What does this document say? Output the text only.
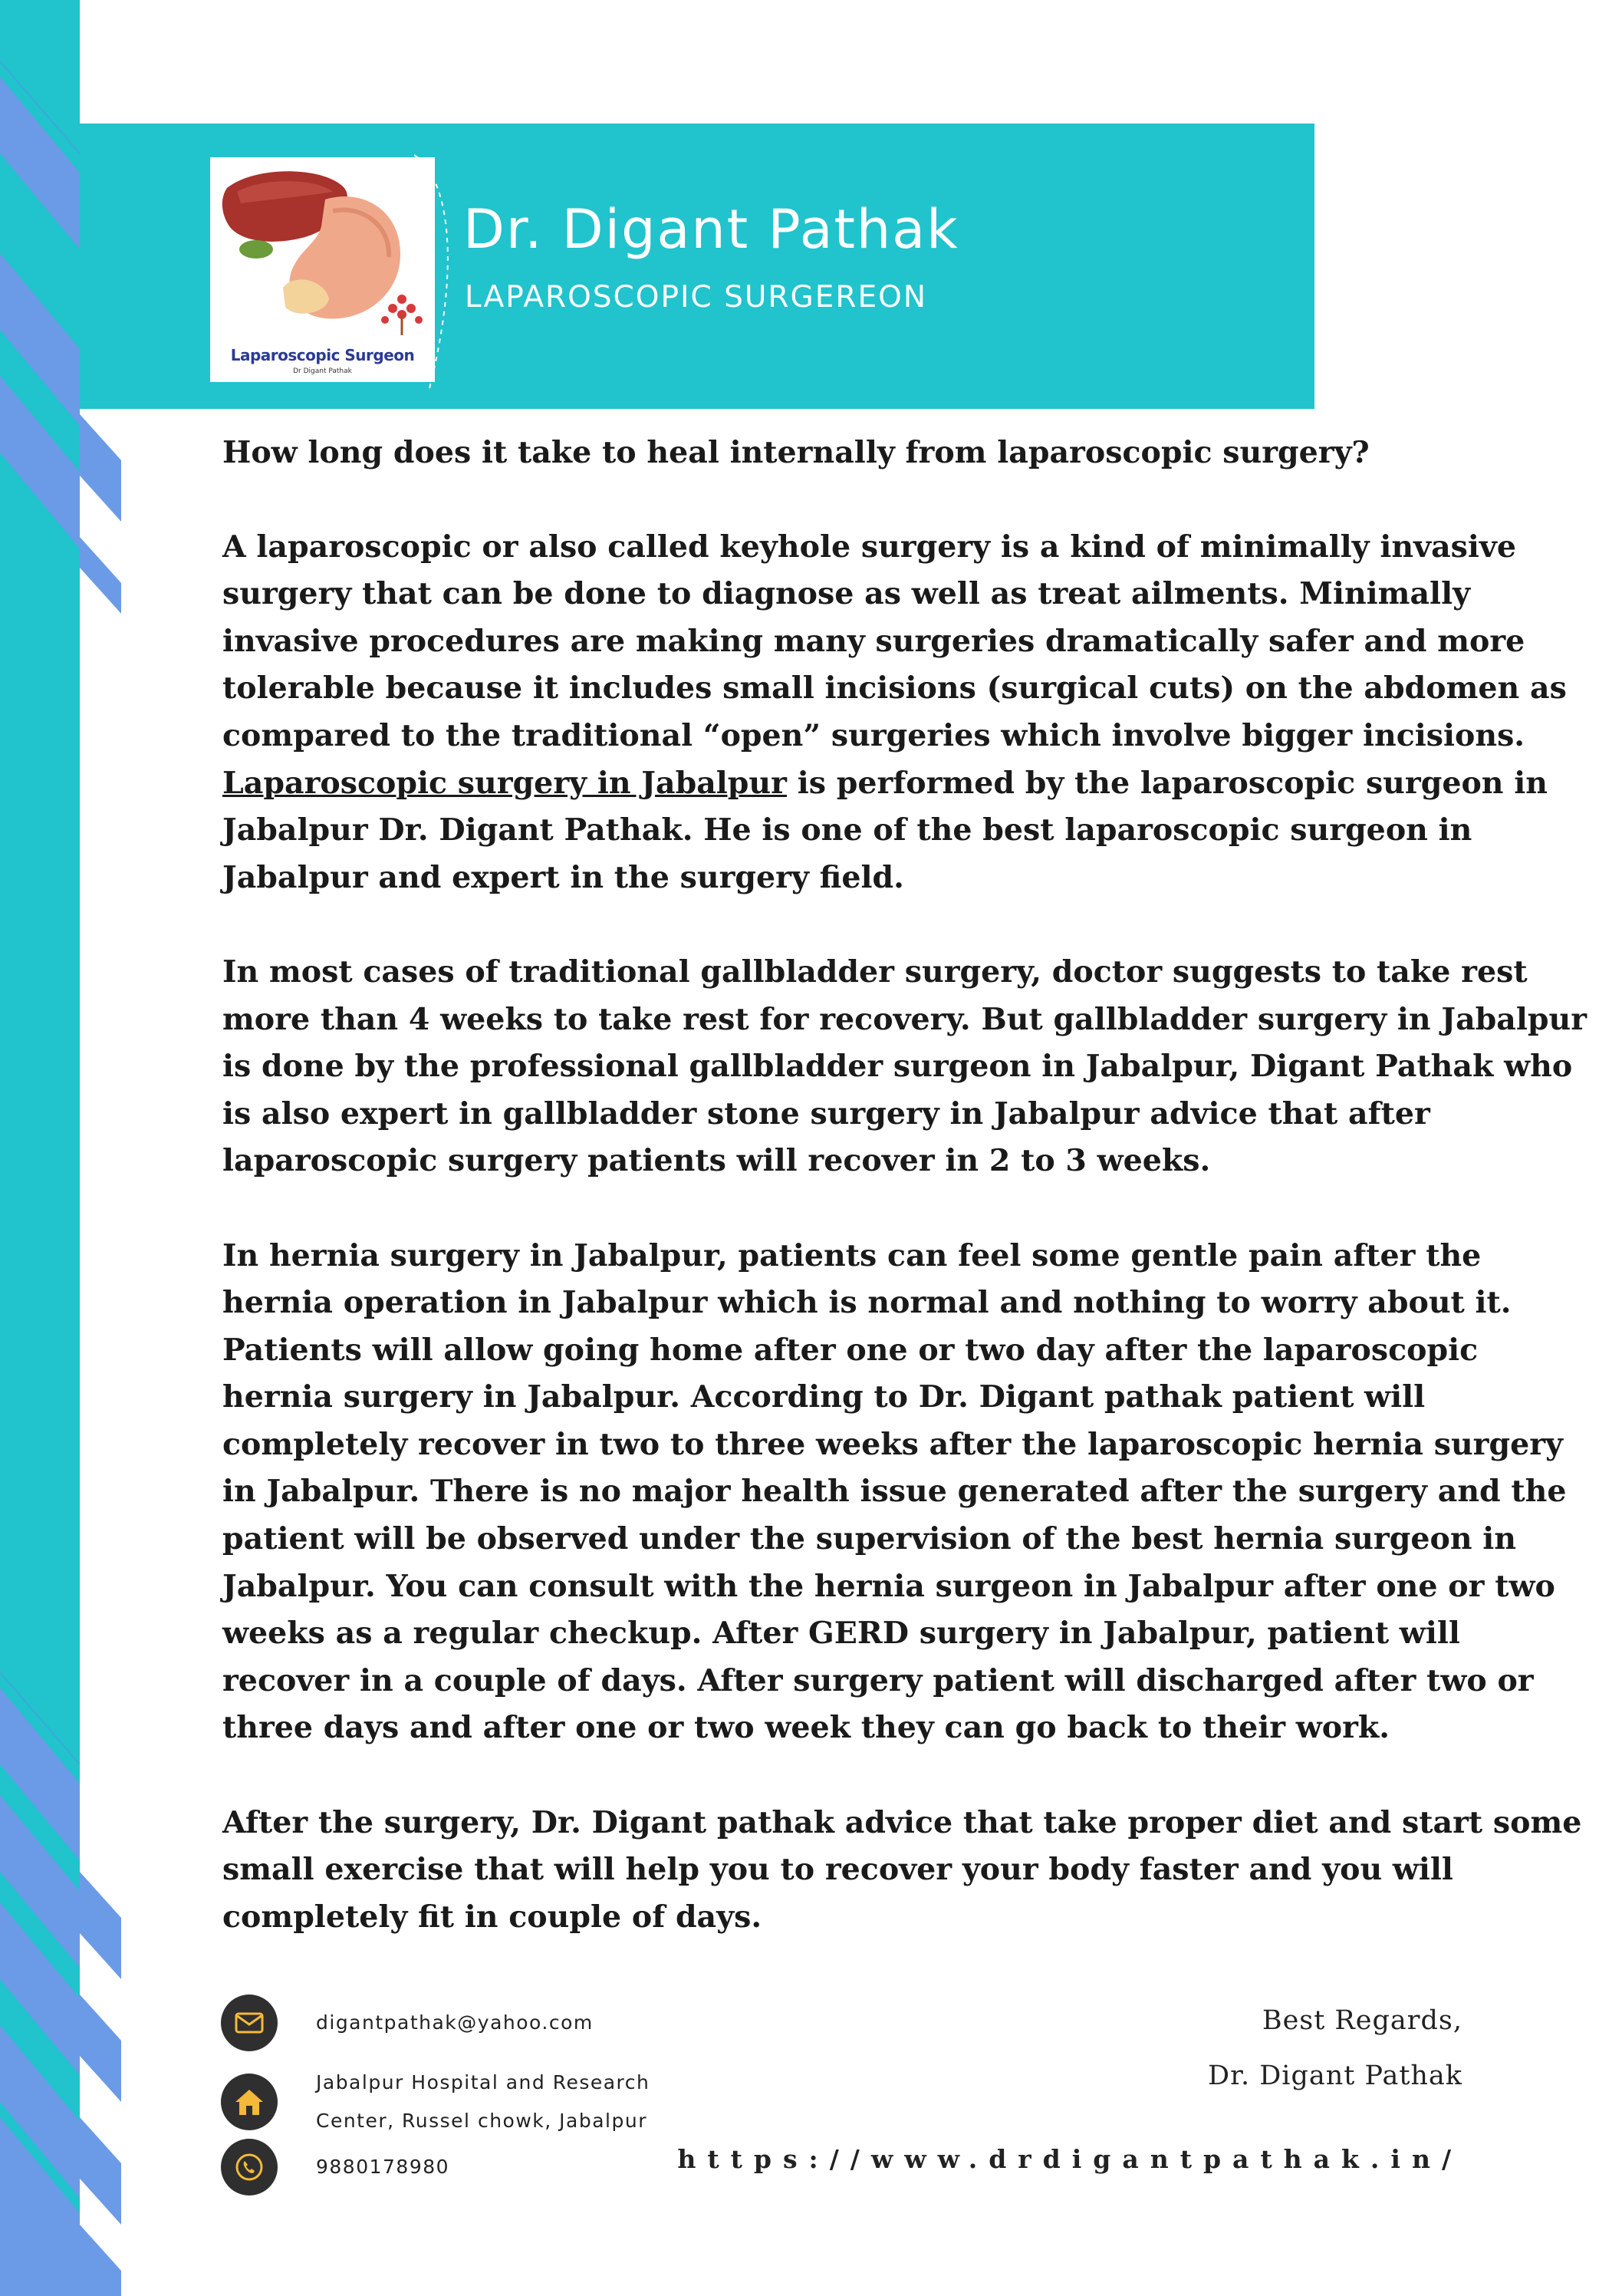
Laparoscopic Surgeon
Dr Digant Pathak
Dr. Digant Pathak
LAPAROSCOPIC SURGEREON
How long does it take to heal internally from laparoscopic surgery?

A laparoscopic or also called keyhole surgery is a kind of minimally invasive surgery that can be done to diagnose as well as treat ailments. Minimally invasive procedures are making many surgeries dramatically safer and more tolerable because it includes small incisions (surgical cuts) on the abdomen as compared to the traditional “open” surgeries which involve bigger incisions. Laparoscopic surgery in Jabalpur is performed by the laparoscopic surgeon in Jabalpur Dr. Digant Pathak. He is one of the best laparoscopic surgeon in Jabalpur and expert in the surgery field.

In most cases of traditional gallbladder surgery, doctor suggests to take rest more than 4 weeks to take rest for recovery. But gallbladder surgery in Jabalpur is done by the professional gallbladder surgeon in Jabalpur, Digant Pathak who is also expert in gallbladder stone surgery in Jabalpur advice that after laparoscopic surgery patients will recover in 2 to 3 weeks.

In hernia surgery in Jabalpur, patients can feel some gentle pain after the hernia operation in Jabalpur which is normal and nothing to worry about it. Patients will allow going home after one or two day after the laparoscopic hernia surgery in Jabalpur. According to Dr. Digant pathak patient will completely recover in two to three weeks after the laparoscopic hernia surgery in Jabalpur. There is no major health issue generated after the surgery and the patient will be observed under the supervision of the best hernia surgeon in Jabalpur. You can consult with the hernia surgeon in Jabalpur after one or two weeks as a regular checkup. After GERD surgery in Jabalpur, patient will recover in a couple of days. After surgery patient will discharged after two or three days and after one or two week they can go back to their work.

After the surgery, Dr. Digant pathak advice that take proper diet and start some small exercise that will help you to recover your body faster and you will completely fit in couple of days.

digantpathak@yahoo.com
Jabalpur Hospital and Research
Center, Russel chowk, Jabalpur
9880178980
Best Regards,
Dr. Digant Pathak
https://www.drdigantpathak.in/
